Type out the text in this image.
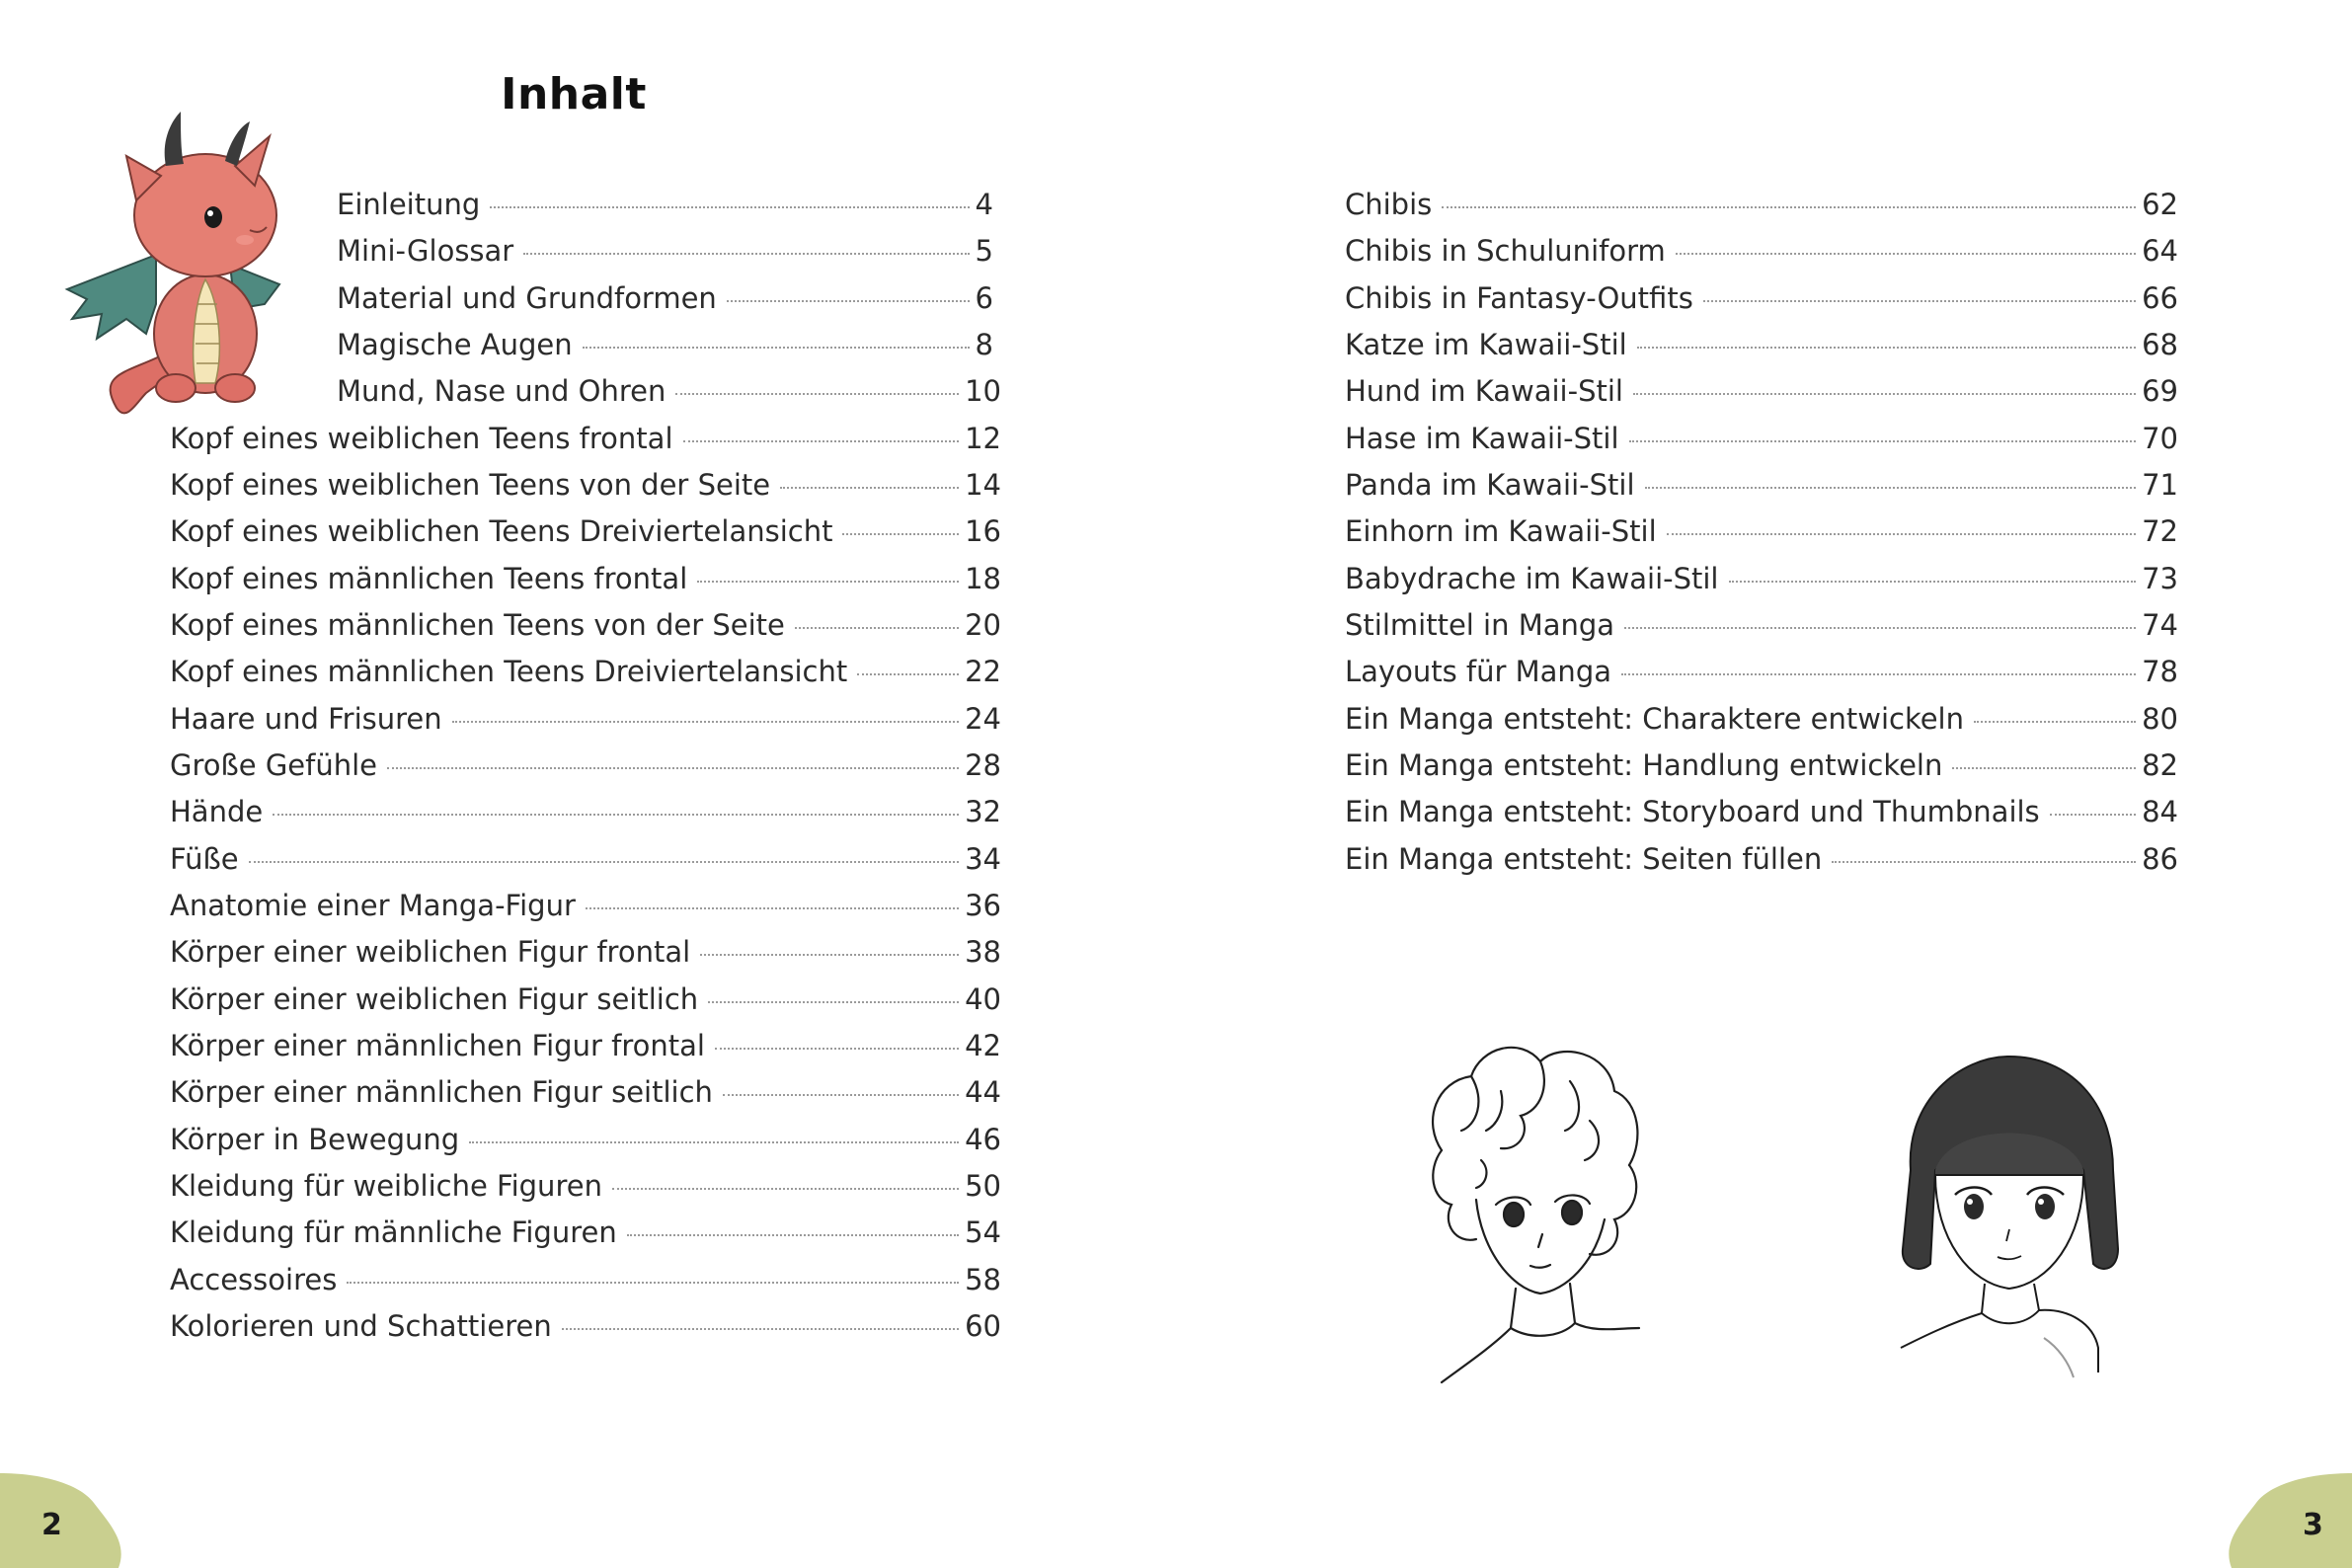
Inhalt
Einleitung	4
Mini-Glossar	5
Material und Grundformen	6
Magische Augen	8
Mund, Nase und Ohren	10
Kopf eines weiblichen Teens frontal	12
Kopf eines weiblichen Teens von der Seite	14
Kopf eines weiblichen Teens Dreiviertelansicht	16
Kopf eines männlichen Teens frontal	18
Kopf eines männlichen Teens von der Seite	20
Kopf eines männlichen Teens Dreiviertelansicht	22
Haare und Frisuren	24
Große Gefühle	28
Hände	32
Füße	34
Anatomie einer Manga-Figur	36
Körper einer weiblichen Figur frontal	38
Körper einer weiblichen Figur seitlich	40
Körper einer männlichen Figur frontal	42
Körper einer männlichen Figur seitlich	44
Körper in Bewegung	46
Kleidung für weibliche Figuren	50
Kleidung für männliche Figuren	54
Accessoires	58
Kolorieren und Schattieren	60
Chibis	62
Chibis in Schuluniform	64
Chibis in Fantasy-Outfits	66
Katze im Kawaii-Stil	68
Hund im Kawaii-Stil	69
Hase im Kawaii-Stil	70
Panda im Kawaii-Stil	71
Einhorn im Kawaii-Stil	72
Babydrache im Kawaii-Stil	73
Stilmittel in Manga	74
Layouts für Manga	78
Ein Manga entsteht: Charaktere entwickeln	80
Ein Manga entsteht: Handlung entwickeln	82
Ein Manga entsteht: Storyboard und Thumbnails	84
Ein Manga entsteht: Seiten füllen	86
2	3
